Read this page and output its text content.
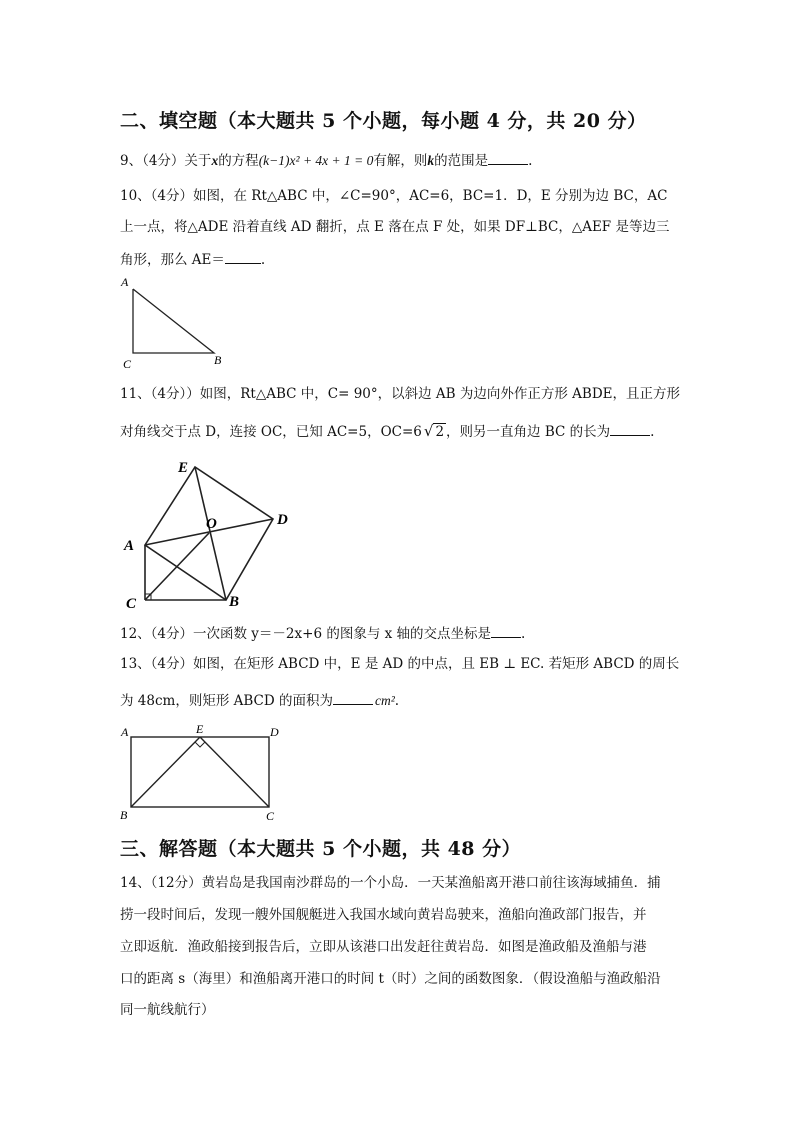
二、填空题（本大题共 5 个小题，每小题 4 分，共 20 分）
9、（4分）关于x的方程(k−1)x² + 4x + 1 = 0有解，则k的范围是	.
10、（4分）如图，在 Rt△ABC 中，∠C=90°，AC=6，BC=1．D，E 分别为边 BC，AC
上一点，将△ADE 沿着直线 AD 翻折，点 E 落在点 F 处，如果 DF⊥BC，△AEF 是等边三
角形，那么 AE＝	.
A
C	B
11、（4分））如图，Rt△ABC 中，C= 90°，以斜边 AB 为边向外作正方形 ABDE，且正方形
对角线交于点 D，连接 OC，已知 AC=5，OC=6 √ 2 ，则另一直角边 BC 的长为	.
E
D
O
A
C	B
12、（4分）一次函数 y＝－2x+6 的图象与 x 轴的交点坐标是 .
13、（4分）如图，在矩形 ABCD 中，E 是 AD 的中点，且 EB ⊥ EC. 若矩形 ABCD 的周长
为 48cm，则矩形 ABCD 的面积为	cm².
A	E	D
B	C
三、解答题（本大题共 5 个小题，共 48 分）
14、（12分）黄岩岛是我国南沙群岛的一个小岛．一天某渔船离开港口前往该海域捕鱼．捕
捞一段时间后，发现一艘外国舰艇进入我国水域向黄岩岛驶来，渔船向渔政部门报告，并
立即返航．渔政船接到报告后，立即从该港口出发赶往黄岩岛．如图是渔政船及渔船与港
口的距离 s（海里）和渔船离开港口的时间 t（时）之间的函数图象．（假设渔船与渔政船沿
同一航线航行）
